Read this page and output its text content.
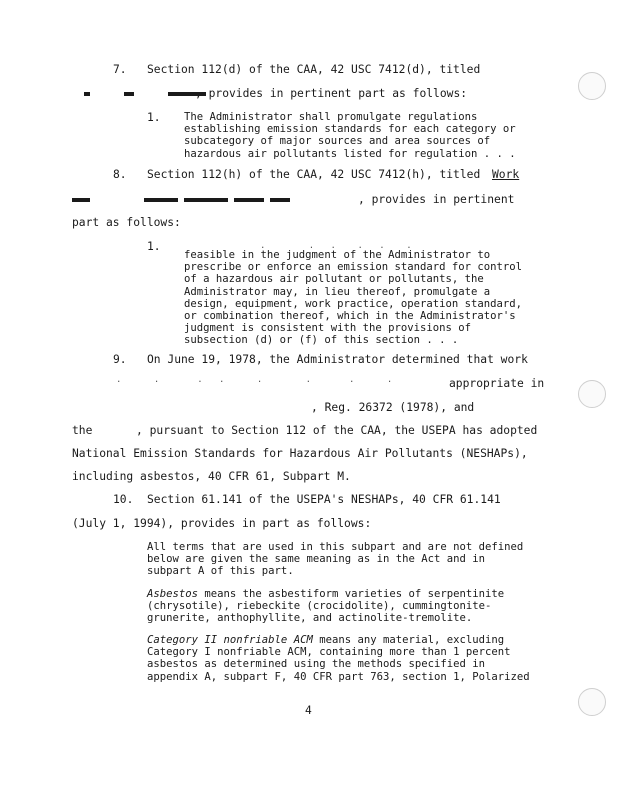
7. Section 112(d) of the CAA, 42 USC 7412(d), titled
, provides in pertinent part as follows:
1. The Administrator shall promulgate regulations

establishing emission standards for each category or

subcategory of major sources and area sources of

hazardous air pollutants listed for regulation . . .

8. Section 112(h) of the CAA, 42 USC 7412(h), titled Work
, provides in pertinent
part as follows:
1.	.        .   .    .   .    .

feasible in the judgment of the Administrator to

prescribe or enforce an emission standard for control

of a hazardous air pollutant or pollutants, the

Administrator may, in lieu thereof, promulgate a

design, equipment, work practice, operation standard,

or combination thereof, which in the Administrator's

judgment is consistent with the provisions of

subsection (d) or (f) of this section . . .

9. On June 19, 1978, the Administrator determined that work
.      .       .   .      .        .       .      .	appropriate in
, Reg. 26372 (1978), and
the	, pursuant to Section 112 of the CAA, the USEPA has adopted
National Emission Standards for Hazardous Air Pollutants (NESHAPs),
including asbestos, 40 CFR 61, Subpart M.
10. Section 61.141 of the USEPA's NESHAPs, 40 CFR 61.141
(July 1, 1994), provides in part as follows:

All terms that are used in this subpart and are not defined

below are given the same meaning as in the Act and in

subpart A of this part.

Asbestos means the asbestiform varieties of serpentinite

(chrysotile), riebeckite (crocidolite), cummingtonite-

grunerite, anthophyllite, and actinolite-tremolite.

Category II nonfriable ACM means any material, excluding

Category I nonfriable ACM, containing more than 1 percent

asbestos as determined using the methods specified in

appendix A, subpart F, 40 CFR part 763, section 1, Polarized

4
